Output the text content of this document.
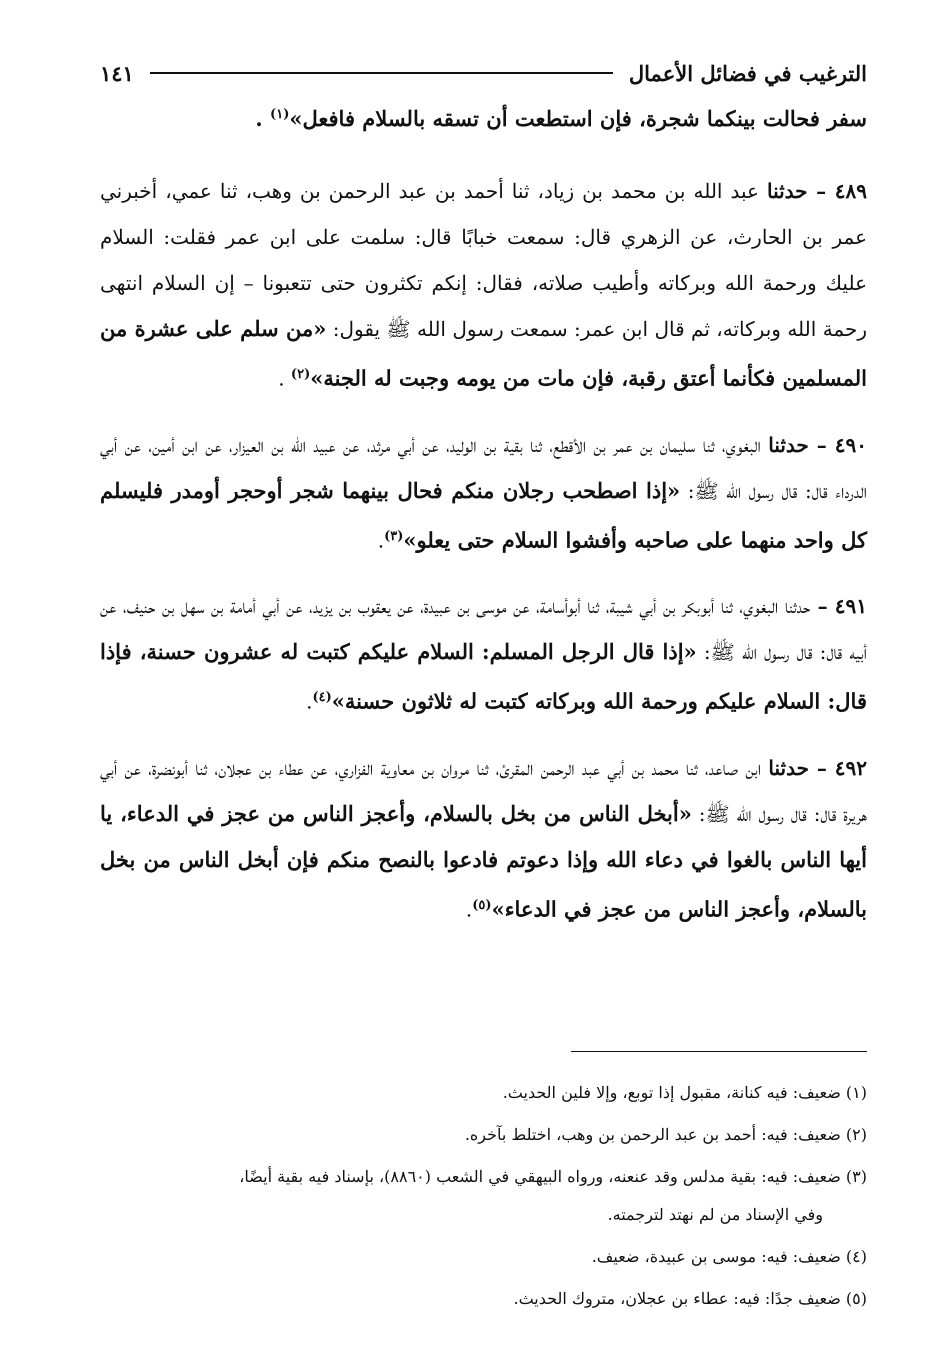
الترغيب في فضائل الأعمال
١٤١

سفر فحالت بينكما شجرة، فإن استطعت أن تسقه بالسلام فافعل»$^{(١)}$ .

٤٨٩ – حدثنا عبد الله بن محمد بن زياد، ثنا أحمد بن عبد الرحمن بن وهب، ثنا عمي، أخبرني عمر بن الحارث، عن الزهري قال: سمعت خبابًا قال: سلمت على ابن عمر فقلت: السلام عليك ورحمة الله وبركاته وأطيب صلاته، فقال: إنكم تكثرون حتى تتعبونا – إن السلام انتهى رحمة الله وبركاته، ثم قال ابن عمر: سمعت رسول الله ﷺ يقول: «من سلم على عشرة من المسلمين فكأنما أعتق رقبة، فإن مات من يومه وجبت له الجنة»$^{(٢)}$ .

٤٩٠ – حدثنا البغوي، ثنا سليمان بن عمر بن الأقطع، ثنا بقية بن الوليد، عن أبي مرثد، عن عبيد الله بن العيزار، عن ابن أمين، عن أبي الدرداء قال: قال رسول الله ﷺ: «إذا اصطحب رجلان منكم فحال بينهما شجر أوحجر أومدر فليسلم كل واحد منهما على صاحبه وأفشوا السلام حتى يعلو»$^{(٣)}$.

٤٩١ – حدثنا البغوي، ثنا أبوبكر بن أبي شيبة، ثنا أبوأسامة، عن موسى بن عبيدة، عن يعقوب بن يزيد، عن أبي أمامة بن سهل بن حنيف، عن أبيه قال: قال رسول الله ﷺ: «إذا قال الرجل المسلم: السلام عليكم كتبت له عشرون حسنة، فإذا قال: السلام عليكم ورحمة الله وبركاته كتبت له ثلاثون حسنة»$^{(٤)}$.

٤٩٢ – حدثنا ابن صاعد، ثنا محمد بن أبي عبد الرحمن المقرئ، ثنا مروان بن معاوية الفزاري، عن عطاء بن عجلان، ثنا أبونضرة، عن أبي هريرة قال: قال رسول الله ﷺ: «أبخل الناس من بخل بالسلام، وأعجز الناس من عجز في الدعاء، يا أيها الناس بالغوا في دعاء الله وإذا دعوتم فادعوا بالنصح منكم فإن أبخل الناس من بخل بالسلام، وأعجز الناس من عجز في الدعاء»$^{(٥)}$.

(١) ضعيف: فيه كنانة، مقبول إذا توبع، وإلا فلين الحديث.

(٢) ضعيف: فيه: أحمد بن عبد الرحمن بن وهب، اختلط بآخره.

(٣) ضعيف: فيه: بقية مدلس وقد عنعنه، ورواه البيهقي في الشعب (٨٨٦٠)، بإسناد فيه بقية أيضًا،
وفي الإسناد من لم نهتد لترجمته.

(٤) ضعيف: فيه: موسى بن عبيدة، ضعيف.

(٥) ضعيف جدًا: فيه: عطاء بن عجلان، متروك الحديث.
